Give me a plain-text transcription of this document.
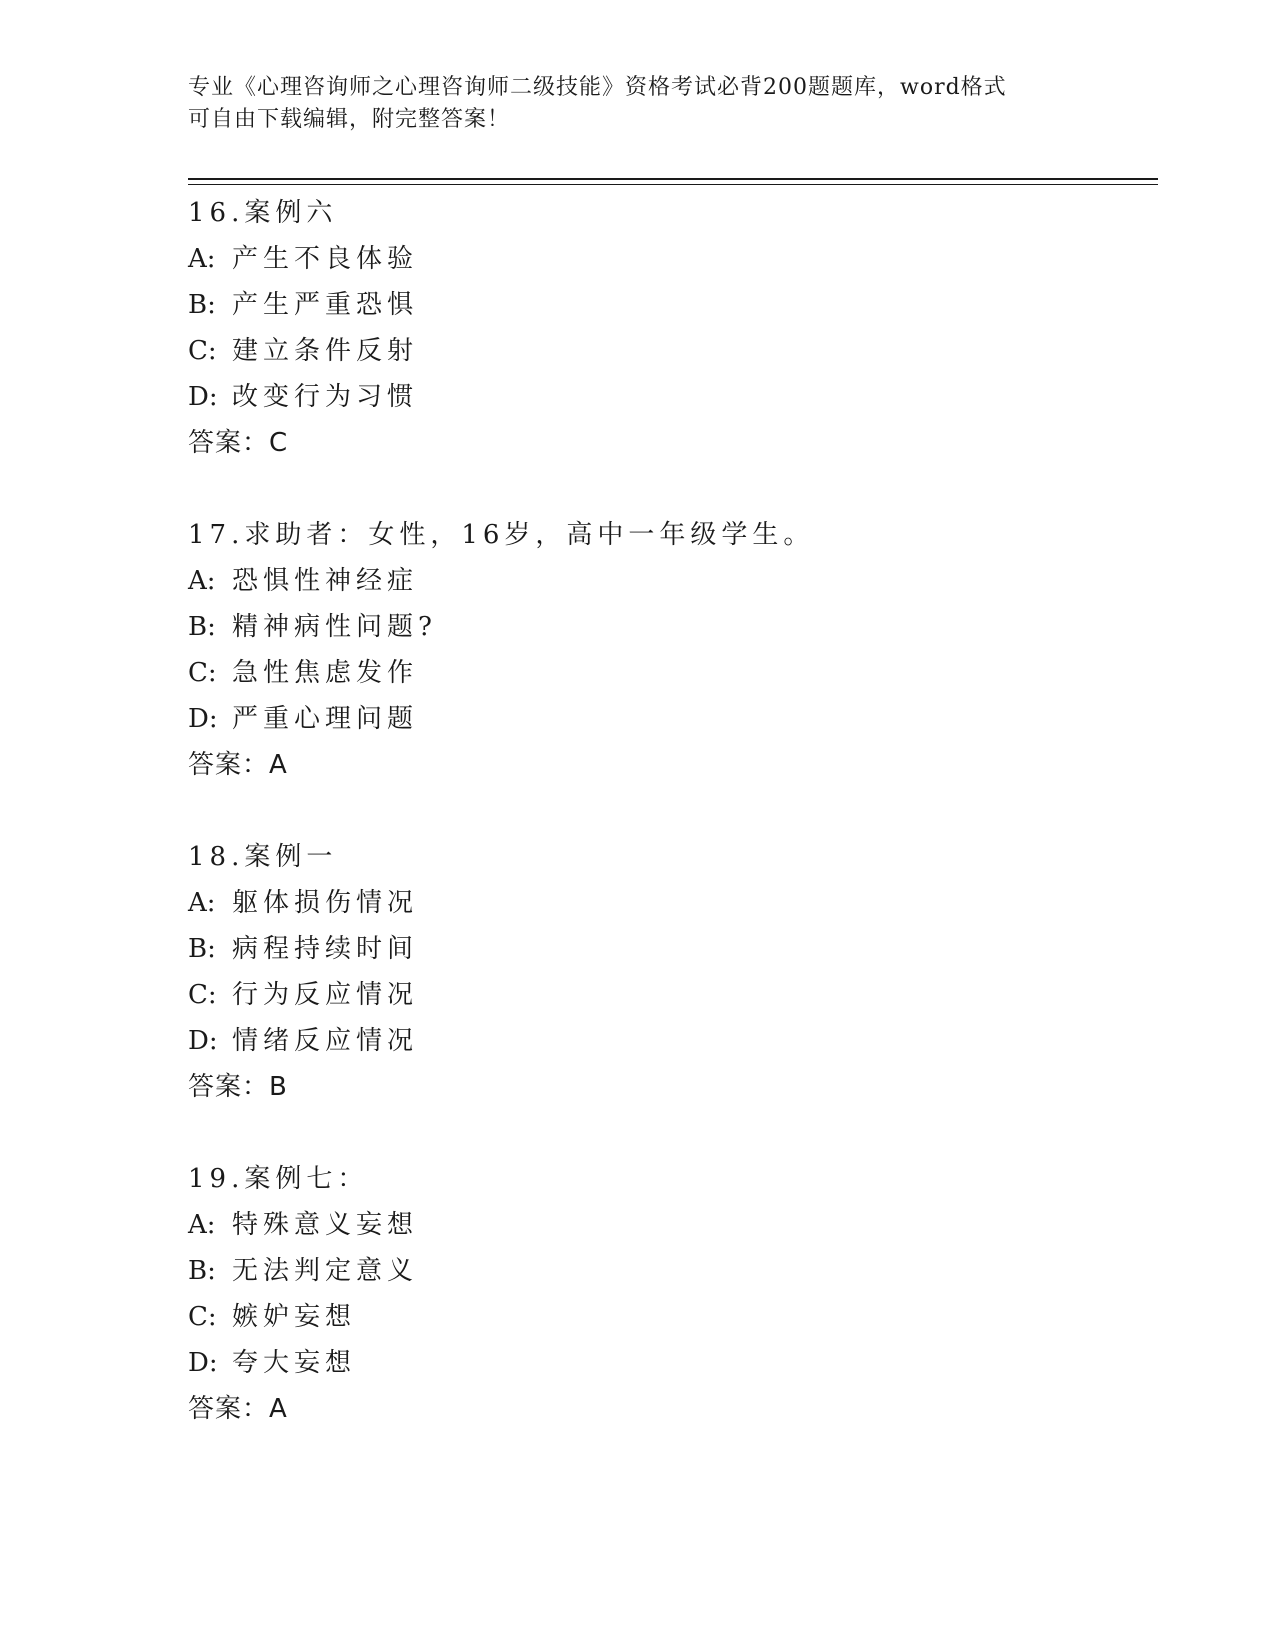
专业《心理咨询师之心理咨询师二级技能》资格考试必背200题题库，word格式
可自由下载编辑，附完整答案！
16.案例六
A: 产生不良体验
B: 产生严重恐惧
C: 建立条件反射
D: 改变行为习惯
答案：C
17.求助者：女性，16岁，高中一年级学生。
A: 恐惧性神经症
B: 精神病性问题?
C: 急性焦虑发作
D: 严重心理问题
答案：A
18.案例一
A: 躯体损伤情况
B: 病程持续时间
C: 行为反应情况
D: 情绪反应情况
答案：B
19.案例七：
A: 特殊意义妄想
B: 无法判定意义
C: 嫉妒妄想
D: 夸大妄想
答案：A
